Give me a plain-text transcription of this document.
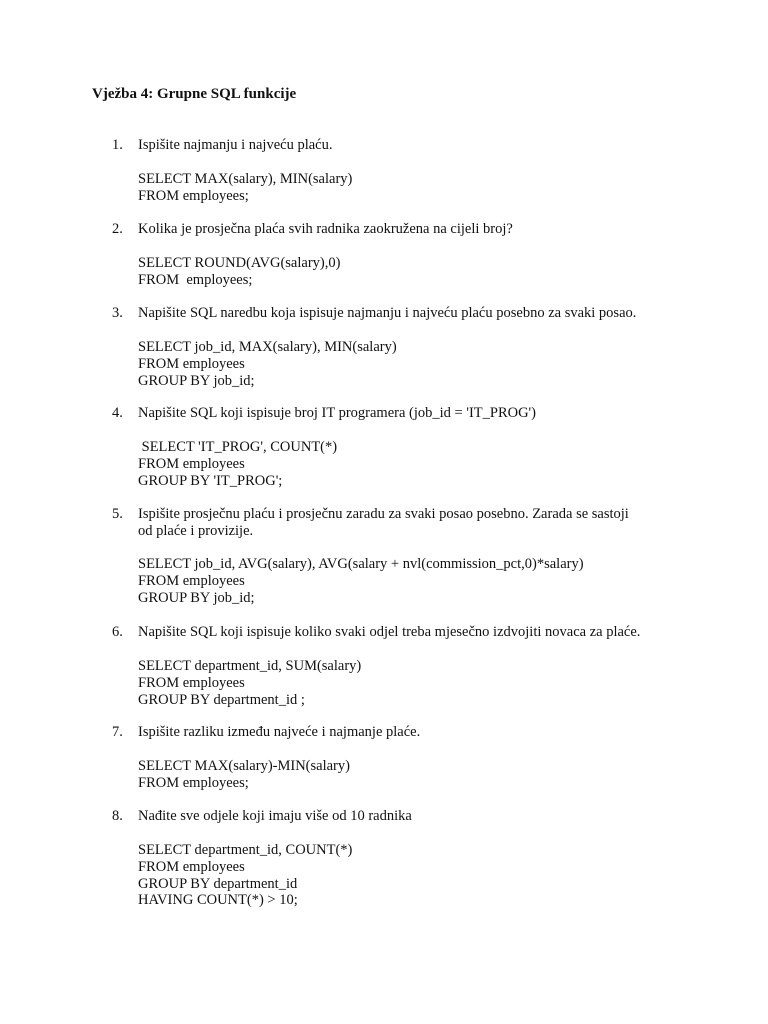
Vježba 4: Grupne SQL funkcije
1. Ispišite najmanju i najveću plaću.
SELECT MAX(salary), MIN(salary)
FROM employees;
2. Kolika je prosječna plaća svih radnika zaokružena na cijeli broj?
SELECT ROUND(AVG(salary),0)
FROM  employees;
3. Napišite SQL naredbu koja ispisuje najmanju i najveću plaću posebno za svaki posao.
SELECT job_id, MAX(salary), MIN(salary)
FROM employees
GROUP BY job_id;
4. Napišite SQL koji ispisuje broj IT programera (job_id = 'IT_PROG')
SELECT 'IT_PROG', COUNT(*)
FROM employees
GROUP BY 'IT_PROG';
5. Ispišite prosječnu plaću i prosječnu zaradu za svaki posao posebno. Zarada se sastoji
od plaće i provizije.
SELECT job_id, AVG(salary), AVG(salary + nvl(commission_pct,0)*salary)
FROM employees
GROUP BY job_id;
6. Napišite SQL koji ispisuje koliko svaki odjel treba mjesečno izdvojiti novaca za plaće.
SELECT department_id, SUM(salary)
FROM employees
GROUP BY department_id ;
7. Ispišite razliku između najveće i najmanje plaće.
SELECT MAX(salary)-MIN(salary)
FROM employees;
8. Nađite sve odjele koji imaju više od 10 radnika
SELECT department_id, COUNT(*)
FROM employees
GROUP BY department_id
HAVING COUNT(*) > 10;
